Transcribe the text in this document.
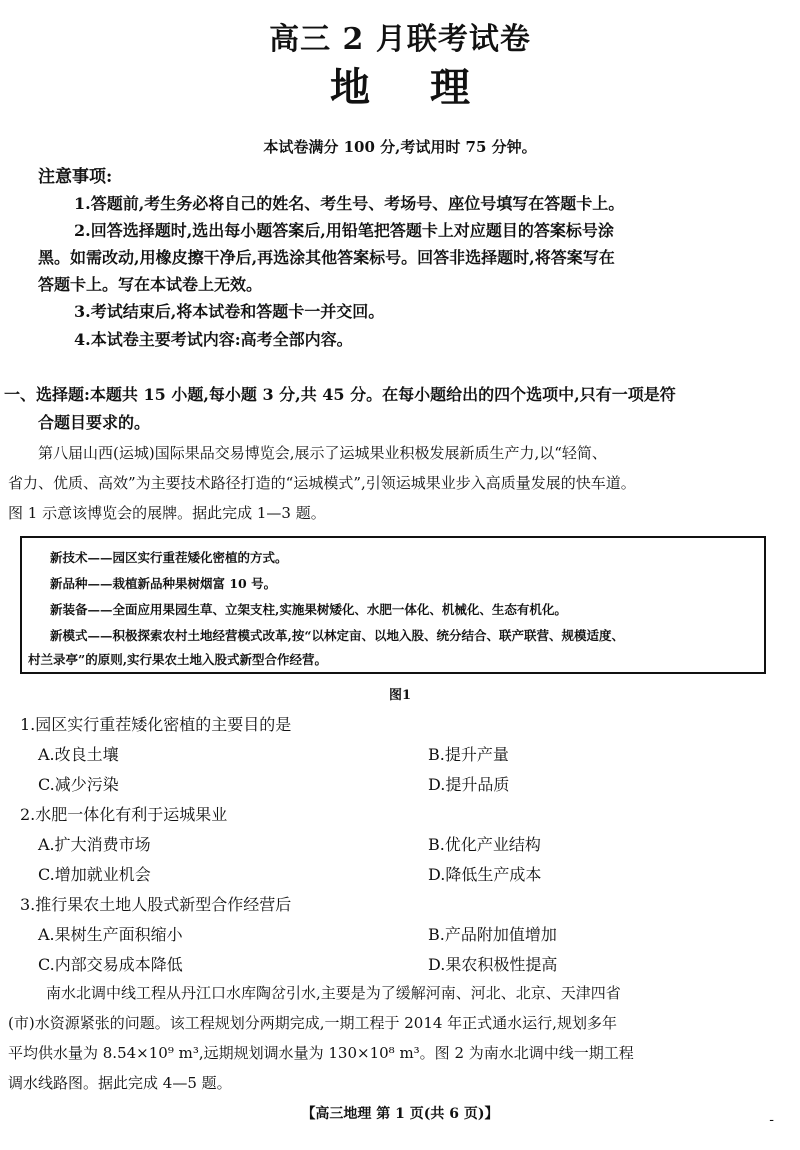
高三 2 月联考试卷
地理
本试卷满分 100 分,考试用时 75 分钟。
注意事项:
1.答题前,考生务必将自己的姓名、考生号、考场号、座位号填写在答题卡上。
2.回答选择题时,选出每小题答案后,用铅笔把答题卡上对应题目的答案标号涂
黑。如需改动,用橡皮擦干净后,再选涂其他答案标号。回答非选择题时,将答案写在
答题卡上。写在本试卷上无效。
3.考试结束后,将本试卷和答题卡一并交回。
4.本试卷主要考试内容:高考全部内容。
一、选择题:本题共 15 小题,每小题 3 分,共 45 分。在每小题给出的四个选项中,只有一项是符
合题目要求的。
第八届山西(运城)国际果品交易博览会,展示了运城果业积极发展新质生产力,以“轻简、
省力、优质、高效”为主要技术路径打造的“运城模式”,引领运城果业步入高质量发展的快车道。
图 1 示意该博览会的展牌。据此完成 1—3 题。
新技术——园区实行重茬矮化密植的方式。
新品种——栽植新品种果树烟富 10 号。
新装备——全面应用果园生草、立架支柱,实施果树矮化、水肥一体化、机械化、生态有机化。
新模式——积极探索农村土地经营模式改革,按“以林定亩、以地入股、统分结合、联产联营、规模适度、
村兰录亭”的原则,实行果农土地入股式新型合作经营。
图1
1.园区实行重茬矮化密植的主要目的是
A.改良土壤	B.提升产量
C.减少污染	D.提升品质
2.水肥一体化有利于运城果业
A.扩大消费市场	B.优化产业结构
C.增加就业机会	D.降低生产成本
3.推行果农土地人股式新型合作经营后
A.果树生产面积缩小	B.产品附加值增加
C.内部交易成本降低	D.果农积极性提高
南水北调中线工程从丹江口水库陶岔引水,主要是为了缓解河南、河北、北京、天津四省
(市)水资源紧张的问题。该工程规划分两期完成,一期工程于 2014 年正式通水运行,规划多年
平均供水量为 8.54×10⁹ m³,远期规划调水量为 130×10⁸ m³。图 2 为南水北调中线一期工程
调水线路图。据此完成 4—5 题。
【高三地理 第 1 页(共 6 页)】	-
